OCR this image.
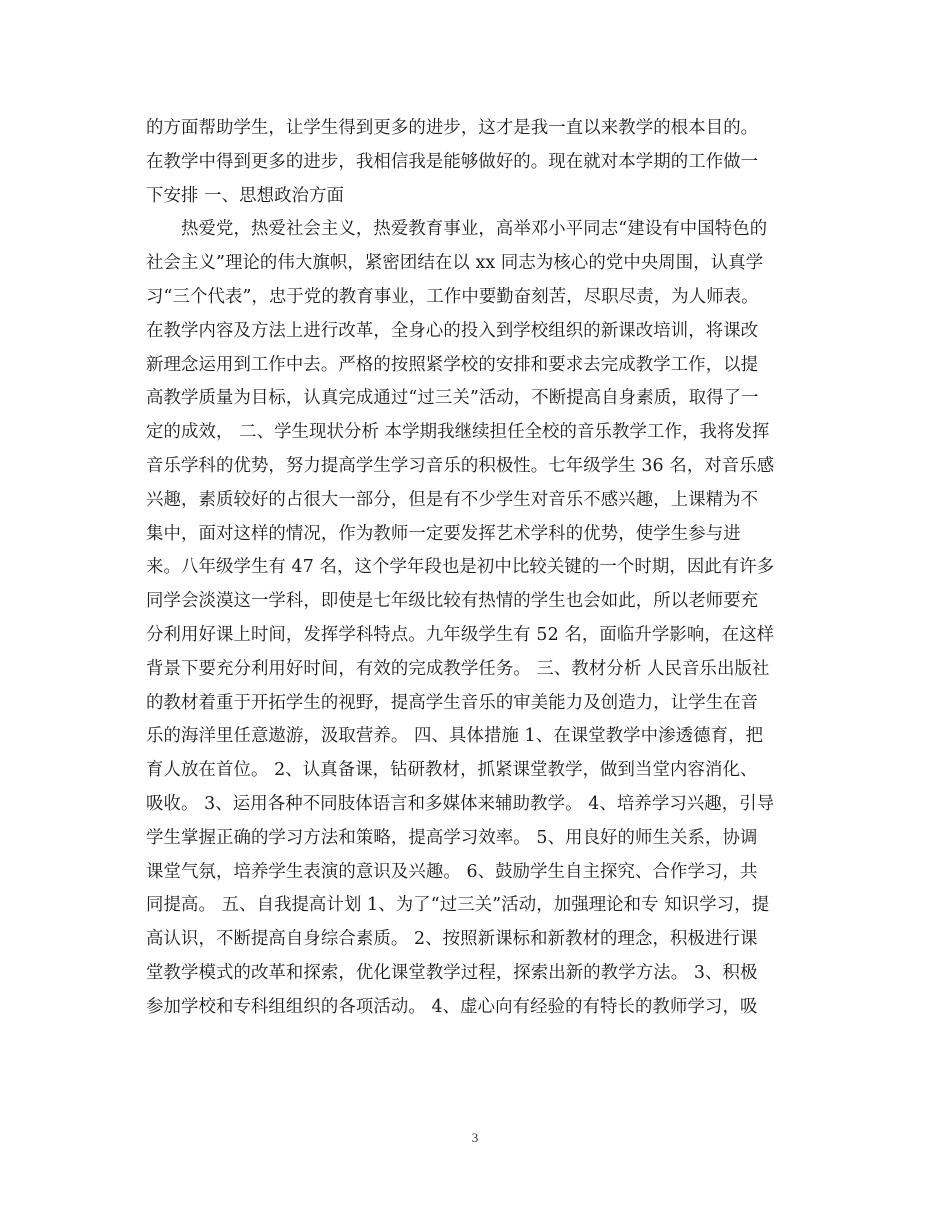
的方面帮助学生，让学生得到更多的进步，这才是我一直以来教学的根本目的。
在教学中得到更多的进步，我相信我是能够做好的。现在就对本学期的工作做一
下安排 一、思想政治方面
热爱党，热爱社会主义，热爱教育事业，高举邓小平同志“建设有中国特色的
社会主义”理论的伟大旗帜，紧密团结在以 xx 同志为核心的党中央周围，认真学
习“三个代表”，忠于党的教育事业，工作中要勤奋刻苦，尽职尽责，为人师表。
在教学内容及方法上进行改革，全身心的投入到学校组织的新课改培训，将课改
新理念运用到工作中去。严格的按照紧学校的安排和要求去完成教学工作，以提
高教学质量为目标，认真完成通过“过三关”活动，不断提高自身素质，取得了一
定的成效， 二、学生现状分析 本学期我继续担任全校的音乐教学工作，我将发挥
音乐学科的优势，努力提高学生学习音乐的积极性。七年级学生 36 名，对音乐感
兴趣，素质较好的占很大一部分，但是有不少学生对音乐不感兴趣，上课精为不
集中，面对这样的情况，作为教师一定要发挥艺术学科的优势，使学生参与进
来。八年级学生有 47 名，这个学年段也是初中比较关键的一个时期，因此有许多
同学会淡漠这一学科，即使是七年级比较有热情的学生也会如此，所以老师要充
分利用好课上时间，发挥学科特点。九年级学生有 52 名，面临升学影响，在这样
背景下要充分利用好时间，有效的完成教学任务。 三、教材分析 人民音乐出版社
的教材着重于开拓学生的视野，提高学生音乐的审美能力及创造力，让学生在音
乐的海洋里任意遨游，汲取营养。 四、具体措施 1、在课堂教学中渗透德育，把
育人放在首位。 2、认真备课，钻研教材，抓紧课堂教学，做到当堂内容消化、
吸收。 3、运用各种不同肢体语言和多媒体来辅助教学。 4、培养学习兴趣，引导
学生掌握正确的学习方法和策略，提高学习效率。 5、用良好的师生关系，协调
课堂气氛，培养学生表演的意识及兴趣。 6、鼓励学生自主探究、合作学习，共
同提高。 五、自我提高计划 1、为了“过三关”活动，加强理论和专 知识学习，提
高认识，不断提高自身综合素质。 2、按照新课标和新教材的理念，积极进行课
堂教学模式的改革和探索，优化课堂教学过程，探索出新的教学方法。 3、积极
参加学校和专科组组织的各项活动。 4、虚心向有经验的有特长的教师学习，吸
3
